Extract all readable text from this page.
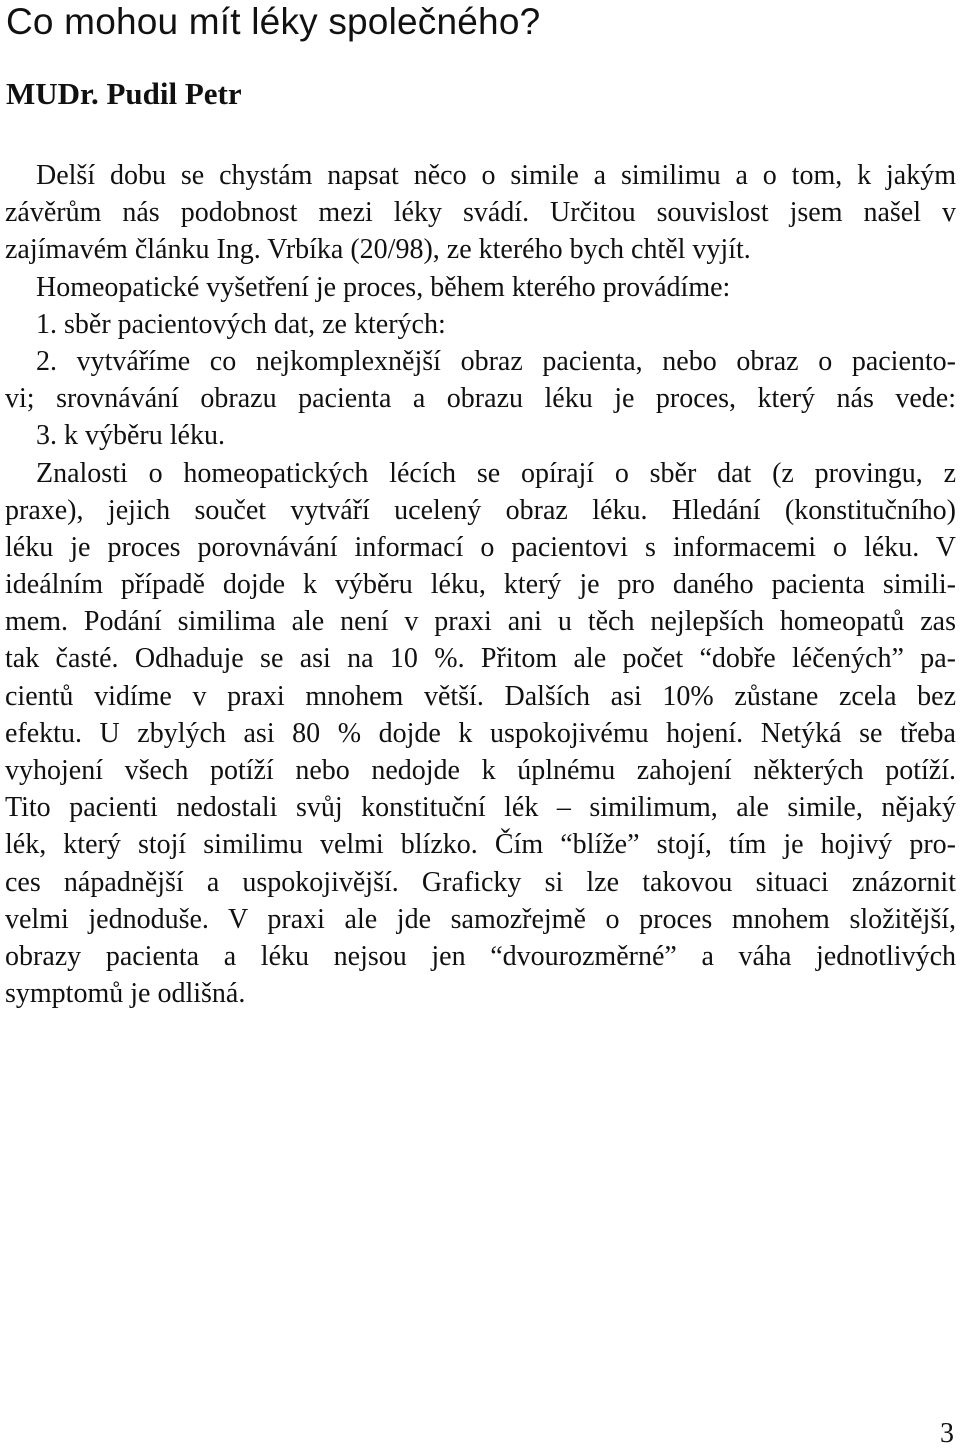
Co mohou mít léky společného?
MUDr. Pudil Petr
Delší dobu se chystám napsat něco o simile a similimu a o tom, k jakým
závěrům nás podobnost mezi léky svádí. Určitou souvislost jsem našel v
zajímavém článku Ing. Vrbíka (20/98), ze kterého bych chtěl vyjít.
Homeopatické vyšetření je proces, během kterého provádíme:
1. sběr pacientových dat, ze kterých:
2. vytváříme co nejkomplexnější obraz pacienta, nebo obraz o paciento-
vi; srovnávání obrazu pacienta a obrazu léku je proces, který nás vede:
3. k výběru léku.
Znalosti o homeopatických lécích se opírají o sběr dat (z provingu, z
praxe), jejich součet vytváří ucelený obraz léku. Hledání (konstitučního)
léku je proces porovnávání informací o pacientovi s informacemi o léku. V
ideálním případě dojde k výběru léku, který je pro daného pacienta simili-
mem. Podání similima ale není v praxi ani u těch nejlepších homeopatů zas
tak časté. Odhaduje se asi na 10 %. Přitom ale počet “dobře léčených” pa-
cientů vidíme v praxi mnohem větší. Dalších asi 10% zůstane zcela bez
efektu. U zbylých asi 80 % dojde k uspokojivému hojení. Netýká se třeba
vyhojení všech potíží nebo nedojde k úplnému zahojení některých potíží.
Tito pacienti nedostali svůj konstituční lék – similimum, ale simile, nějaký
lék, který stojí similimu velmi blízko. Čím “blíže” stojí, tím je hojivý pro-
ces nápadnější a uspokojivější. Graficky si lze takovou situaci znázornit
velmi jednoduše. V praxi ale jde samozřejmě o proces mnohem složitější,
obrazy pacienta a léku nejsou jen “dvourozměrné” a váha jednotlivých
symptomů je odlišná.
3
